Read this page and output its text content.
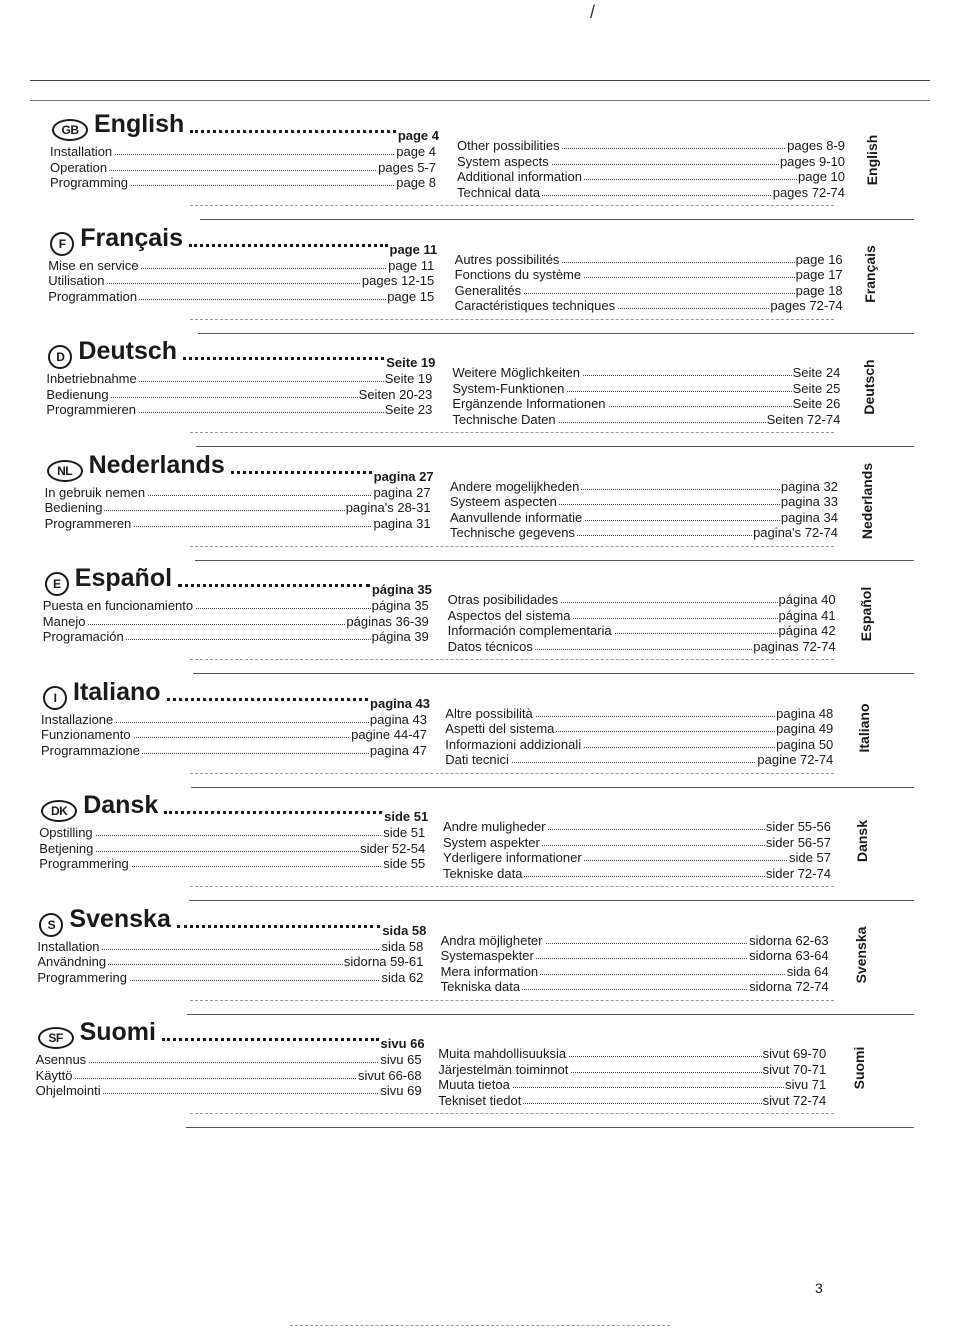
/
GB English	page 4
Installation	page 4
Operation	pages 5-7
Programming	page 8
Other possibilities	pages 8-9
System aspects	pages 9-10
Additional information	page 10
Technical data	pages 72-74
English
F Français	page 11
Mise en service	page 11
Utilisation	pages 12-15
Programmation	page 15
Autres possibilités	page 16
Fonctions du système	page 17
Generalités	page 18
Caractéristiques techniques	pages 72-74
Français
D Deutsch	Seite 19
Inbetriebnahme	Seite 19
Bedienung	Seiten 20-23
Programmieren	Seite 23
Weitere Möglichkeiten	Seite 24
System-Funktionen	Seite 25
Ergänzende Informationen	Seite 26
Technische Daten	Seiten 72-74
Deutsch
NL Nederlands	pagina 27
In gebruik nemen	pagina 27
Bediening	pagina's 28-31
Programmeren	pagina 31
Andere mogelijkheden	pagina 32
Systeem aspecten	pagina 33
Aanvullende informatie	pagina 34
Technische gegevens	pagina's 72-74 Nederlands
E Español	página 35
Puesta en funcionamiento	página 35
Manejo	páginas 36-39
Programación	página 39
Otras posibilidades	página 40
Aspectos del sistema	página 41
Información complementaria	página 42
Datos técnicos	paginas 72-74
Español
I Italiano	pagina 43
Installazione	pagina 43
Funzionamento	pagine 44-47
Programmazione	pagina 47
Altre possibilità	pagina 48
Aspetti del sistema	pagina 49
Informazioni addizionali	pagina 50
Dati tecnici	pagine 72-74
Italiano
DK Dansk	side 51
Opstilling	side 51
Betjening	sider 52-54
Programmering	side 55
Andre muligheder	sider 55-56
System aspekter	sider 56-57
Yderligere informationer	side 57
Tekniske data	sider 72-74
Dansk
S Svenska	sida 58
Installation	sida 58
Användning	sidorna 59-61
Programmering	sida 62
Andra möjligheter	sidorna 62-63
Systemaspekter	sidorna 63-64
Mera information	sida 64
Tekniska data	sidorna 72-74
Svenska
SF Suomi	sivu 66
Asennus	sivu 65
Käyttö	sivut 66-68
Ohjelmointi	sivu 69
Muita mahdollisuuksia	sivut 69-70
Järjestelmän toiminnot	sivut 70-71
Muuta tietoa	sivu 71
Tekniset tiedot	sivut 72-74
Suomi
3
